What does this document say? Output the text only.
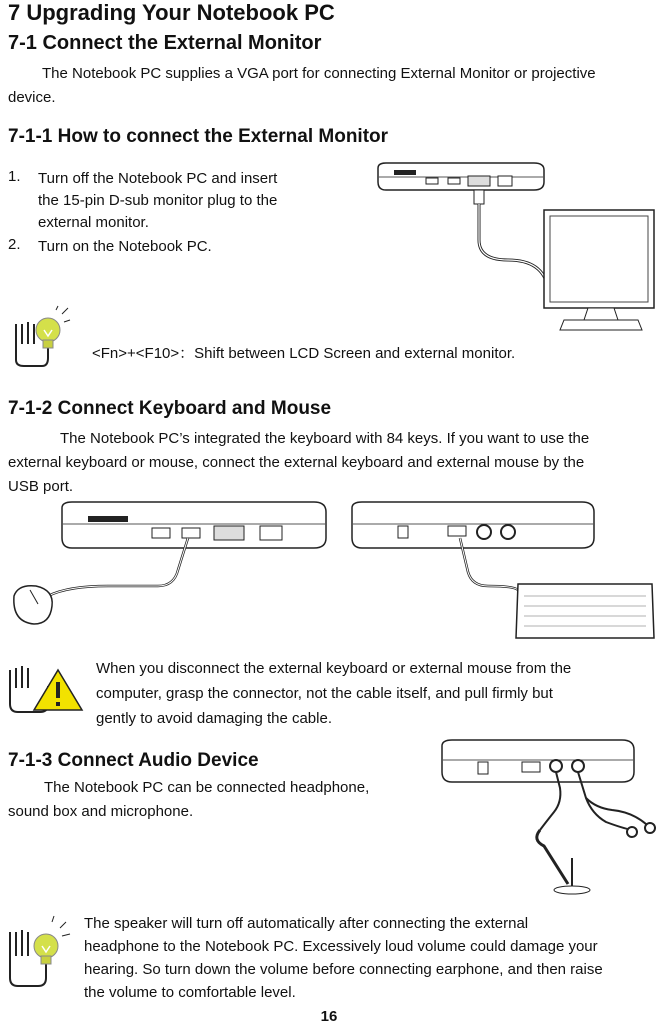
7 Upgrading Your Notebook PC
7-1 Connect the External Monitor
The Notebook PC supplies a VGA port for connecting External Monitor or projective
device.
7-1-1 How to connect the External Monitor
1. Turn off the Notebook PC and insert
the 15-pin D-sub monitor plug to the
external monitor.
2. Turn on the Notebook PC.
<Fn>+<F10>：Shift between LCD Screen and external monitor.
7-1-2 Connect Keyboard and Mouse
The Notebook PC’s integrated the keyboard with 84 keys. If you want to use the
external keyboard or mouse, connect the external keyboard and external mouse by the
USB port.
When you disconnect the external keyboard or external mouse from the
computer, grasp the connector, not the cable itself, and pull firmly but
gently to avoid damaging the cable.
7-1-3 Connect Audio Device
The Notebook PC can be connected headphone,
sound box and microphone.
The speaker will turn off automatically after connecting the external
headphone to the Notebook PC. Excessively loud volume could damage your
hearing. So turn down the volume before connecting earphone, and then raise
the volume to comfortable level.
16
